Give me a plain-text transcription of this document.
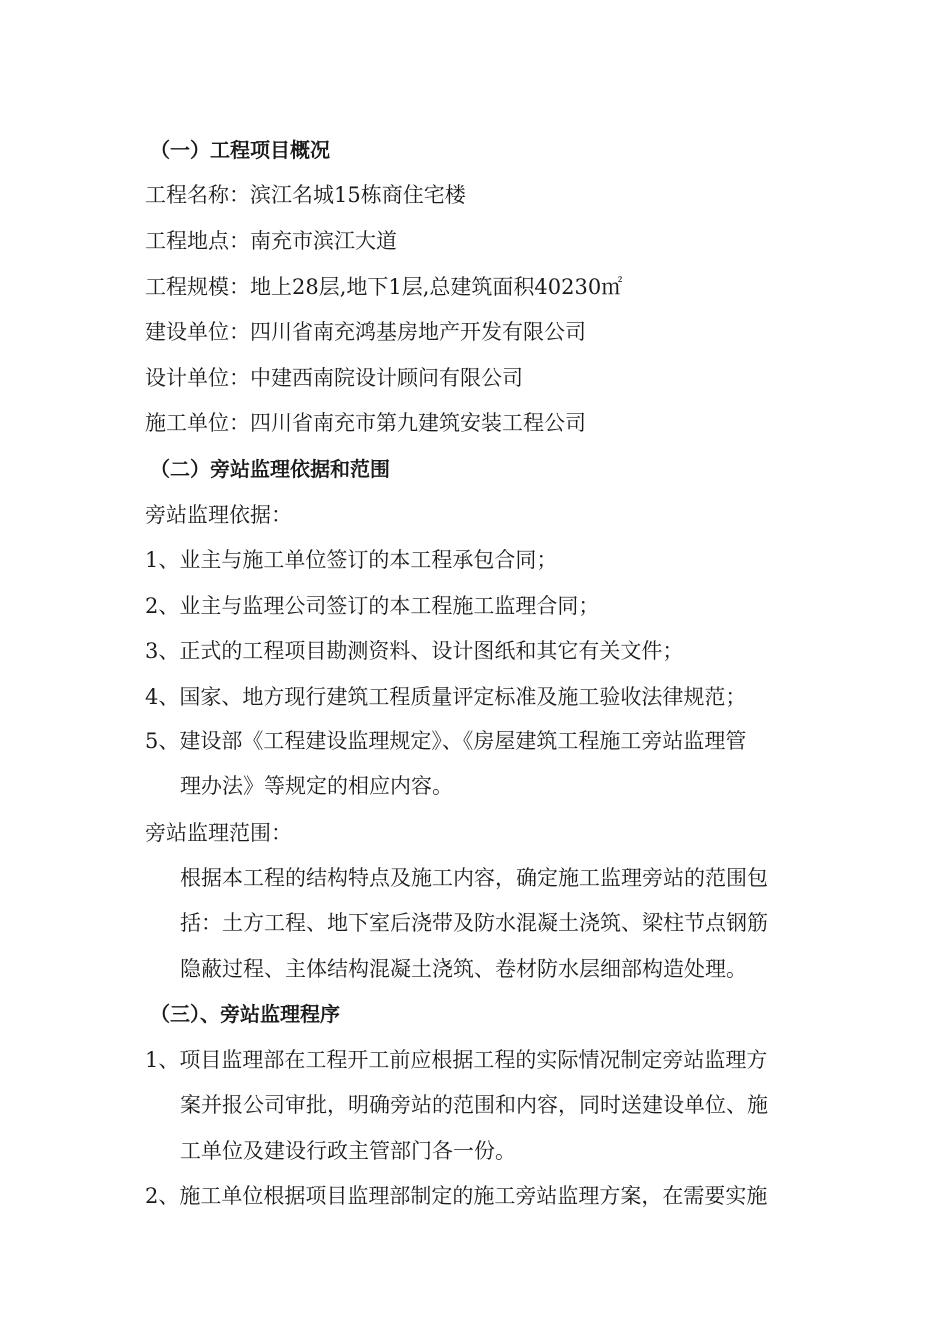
（一）工程项目概况
工程名称：滨江名城15栋商住宅楼
工程地点：南充市滨江大道
工程规模：地上28层,地下1层,总建筑面积40230㎡
建设单位：四川省南充鸿基房地产开发有限公司
设计单位：中建西南院设计顾问有限公司
施工单位：四川省南充市第九建筑安装工程公司
（二）旁站监理依据和范围
旁站监理依据：
1、业主与施工单位签订的本工程承包合同；
2、业主与监理公司签订的本工程施工监理合同；
3、正式的工程项目勘测资料、设计图纸和其它有关文件；
4、国家、地方现行建筑工程质量评定标准及施工验收法律规范；
5、建设部《工程建设监理规定》、《房屋建筑工程施工旁站监理管
理办法》等规定的相应内容。
旁站监理范围：
根据本工程的结构特点及施工内容，确定施工监理旁站的范围包
括：土方工程、地下室后浇带及防水混凝土浇筑、梁柱节点钢筋
隐蔽过程、主体结构混凝土浇筑、卷材防水层细部构造处理。
（三）、旁站监理程序
1、项目监理部在工程开工前应根据工程的实际情况制定旁站监理方
案并报公司审批，明确旁站的范围和内容，同时送建设单位、施
工单位及建设行政主管部门各一份。
2、施工单位根据项目监理部制定的施工旁站监理方案，在需要实施
